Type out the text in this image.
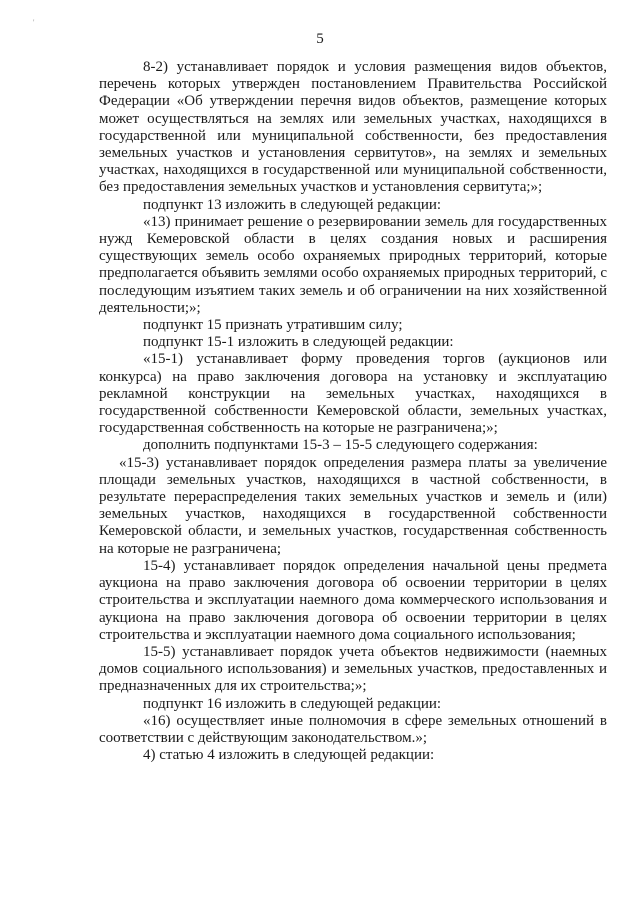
'
5

8-2) устанавливает порядок и условия размещения видов объектов, перечень которых утвержден постановлением Правительства Российской Федерации «Об утверждении перечня видов объектов, размещение которых может осуществляться на землях или земельных участках, находящихся в государственной или муниципальной собственности, без предоставления земельных участков и установления сервитутов», на землях и земельных участках, находящихся в государственной или муниципальной собственности, без предоставления земельных участков и установления сервитута;»;

подпункт 13 изложить в следующей редакции:

«13) принимает решение о резервировании земель для государственных нужд Кемеровской области в целях создания новых и расширения существующих земель особо охраняемых природных территорий, которые предполагается объявить землями особо охраняемых природных территорий, с последующим изъятием таких земель и об ограничении на них хозяйственной деятельности;»;

подпункт 15 признать утратившим силу;

подпункт 15-1 изложить в следующей редакции:

«15-1) устанавливает форму проведения торгов (аукционов или конкурса) на право заключения договора на установку и эксплуатацию рекламной конструкции на земельных участках, находящихся в государственной собственности Кемеровской области, земельных участках, государственная собственность на которые не разграничена;»;

дополнить подпунктами 15-3 – 15-5 следующего содержания:

«15-3) устанавливает порядок определения размера платы за увеличение площади земельных участков, находящихся в частной собственности, в результате перераспределения таких земельных участков и земель и (или) земельных участков, находящихся в государственной собственности Кемеровской области, и земельных участков, государственная собственность на которые не разграничена;

15-4) устанавливает порядок определения начальной цены предмета аукциона на право заключения договора об освоении территории в целях строительства и эксплуатации наемного дома коммерческого использования и аукциона на право заключения договора об освоении территории в целях строительства и эксплуатации наемного дома социального использования;

15-5) устанавливает порядок учета объектов недвижимости (наемных домов социального использования) и земельных участков, предоставленных и предназначенных для их строительства;»;

подпункт 16 изложить в следующей редакции:

«16) осуществляет иные полномочия в сфере земельных отношений в соответствии с действующим законодательством.»;

4) статью 4 изложить в следующей редакции:
